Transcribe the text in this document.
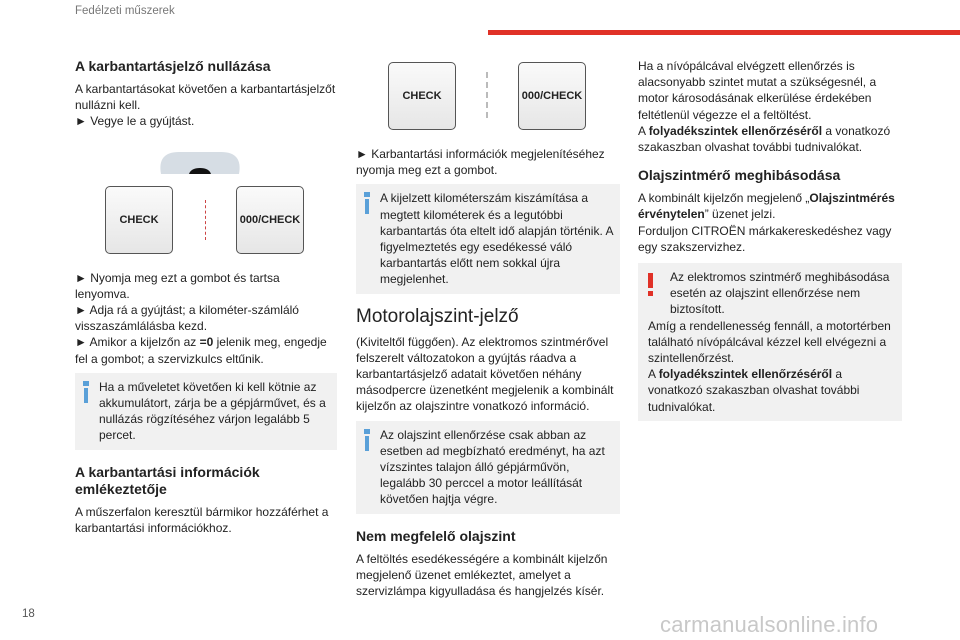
Fedélzeti műszerek
A karbantartásjelző nullázása

A karbantartásokat követően a karbantartásjelzőt nullázni kell.

► Vegye le a gyújtást.

CHECK	000/CHECK

► Nyomja meg ezt a gombot és tartsa lenyomva.

► Adja rá a gyújtást; a kilométer-számláló visszaszámlálásba kezd.

► Amikor a kijelzőn az =0 jelenik meg, engedje fel a gombot; a szervizkulcs eltűnik.

Ha a műveletet követően ki kell kötnie az akkumulátort, zárja be a gépjárművet, és a nullázás rögzítéséhez várjon legalább 5 percet.
A karbantartási információk emlékeztetője

A műszerfalon keresztül bármikor hozzáférhet a karbantartási információkhoz.

CHECK	000/CHECK

► Karbantartási információk megjelenítéséhez nyomja meg ezt a gombot.

A kijelzett kilométerszám kiszámítása a megtett kilométerek és a legutóbbi karbantartás óta eltelt idő alapján történik. A figyelmeztetés egy esedékessé váló karbantartás előtt nem sokkal újra megjelenhet.
Motorolajszint-jelző

(Kiviteltől függően). Az elektromos szintmérővel felszerelt változatokon a gyújtás ráadva a karbantartásjelző adatait követően néhány másodpercre üzenetként megjelenik a kombinált kijelzőn az olajszintre vonatkozó információ.

Az olajszint ellenőrzése csak abban az esetben ad megbízható eredményt, ha azt vízszintes talajon álló gépjárművön, legalább 30 perccel a motor leállítását követően hajtja végre.
Nem megfelelő olajszint

A feltöltés esedékességére a kombinált kijelzőn megjelenő üzenet emlékeztet, amelyet a szervizlámpa kigyulladása és hangjelzés kísér.

Ha a nívópálcával elvégzett ellenőrzés is alacsonyabb szintet mutat a szükségesnél, a motor károsodásának elkerülése érdekében feltétlenül végezze el a feltöltést.

A folyadékszintek ellenőrzéséről a vonatkozó szakaszban olvashat további tudnivalókat.

Olajszintmérő meghibásodása

A kombinált kijelzőn megjelenő „Olajszintmérés érvénytelen” üzenet jelzi.

Forduljon CITROËN márkakereskedéshez vagy egy szakszervizhez.

Az elektromos szintmérő meghibásodása esetén az olajszint ellenőrzése nem biztosított.

Amíg a rendellenesség fennáll, a motortérben található nívópálcával kézzel kell elvégezni a szintellenőrzést.

A folyadékszintek ellenőrzéséről a vonatkozó szakaszban olvashat további tudnivalókat.

18	carmanualsonline.info
